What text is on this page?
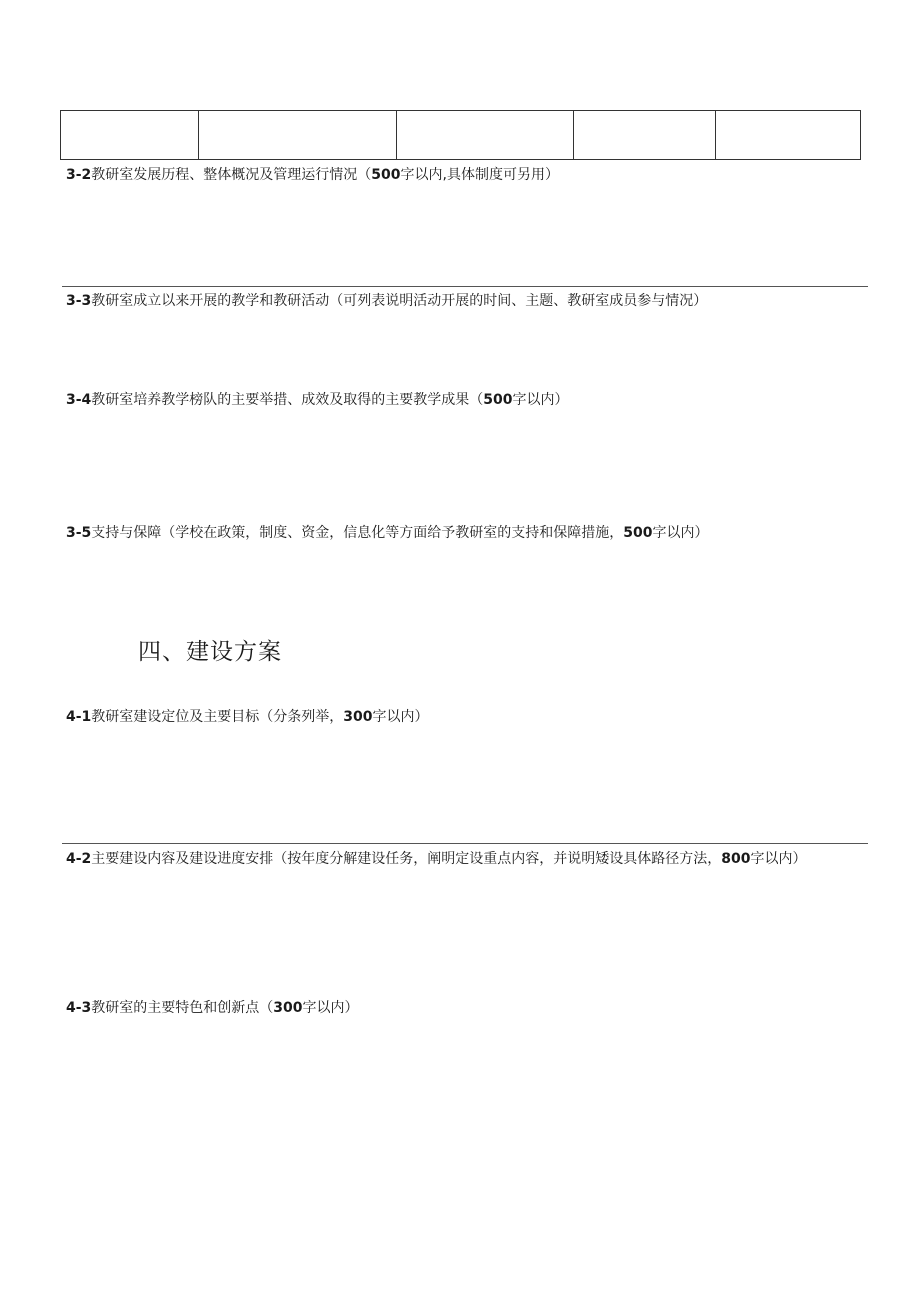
3-2教研室发展历程、整体概况及管理运行情况（500字以内,具体制度可另用）

3-3教研室成立以来开展的教学和教研活动（可列表说明活动开展的时间、主题、教研室成员参与情况）

3-4教研室培养教学榜队的主要举措、成效及取得的主要教学成果（500字以内）

3-5支持与保障（学校在政策，制度、资金，信息化等方面给予教研室的支持和保障措施，500字以内）

四、建设方案

4-1教研室建设定位及主要目标（分条列举，300字以内）

4-2主要建设内容及建设进度安排（按年度分解建设任务，阐明定设重点内容，并说明矮设具体路径方法，800字以内）

4-3教研室的主要特色和创新点（300字以内）
